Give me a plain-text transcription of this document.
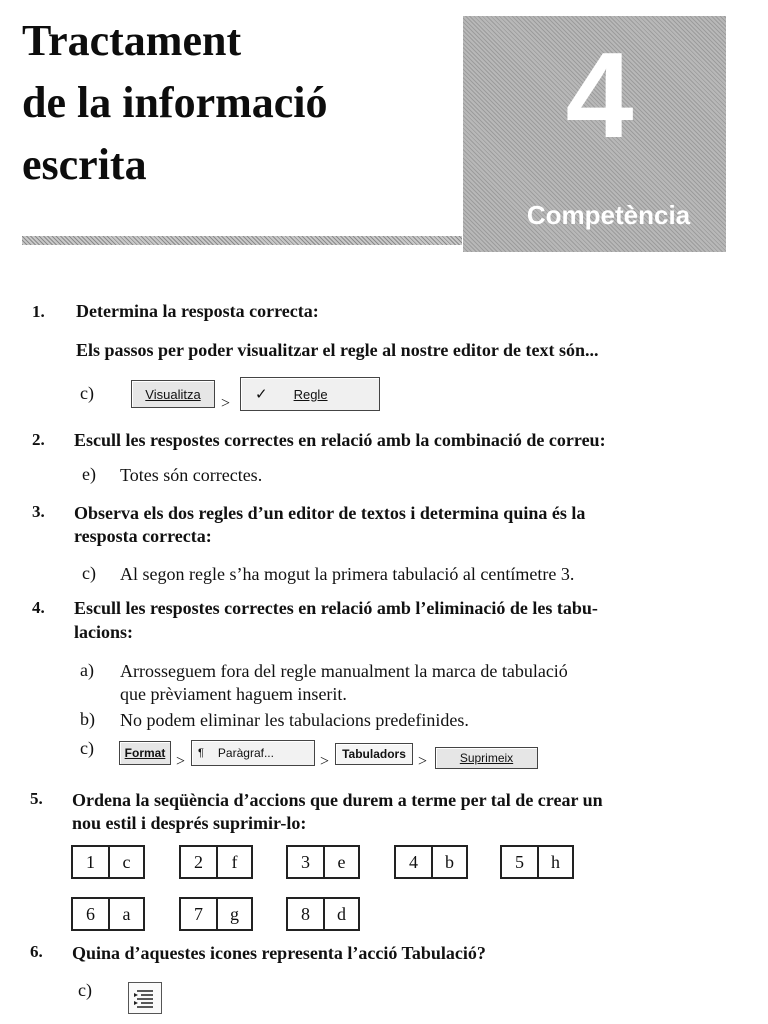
Tractament
de la informació
escrita
4
Competència
1. Determina la resposta correcta:
Els passos per poder visualitzar el regle al nostre editor de text són...
c)	Visualitza
>
✓ Regle
2. Escull les respostes correctes en relació amb la combinació de correu:
e) Totes són correctes.
3. Observa els dos regles d’un editor de textos i determina quina és la
resposta correcta:
c) Al segon regle s’ha mogut la primera tabulació al centímetre 3.
4. Escull les respostes correctes en relació amb l’eliminació de les tabu-
lacions:
a) Arrosseguem fora del regle manualment la marca de tabulació
que prèviament haguem inserit.
b) No podem eliminar les tabulacions predefinides.
c)	Format > ¶ Paràgraf...	> Tabuladors >	Suprimeix
5. Ordena la seqüència d’accions que durem a terme per tal de crear un
nou estil i després suprimir-lo:
1	c	2	f	3	e	4	b	5	h
6	a	7	g	8	d
6. Quina d’aquestes icones representa l’acció Tabulació?
c)
